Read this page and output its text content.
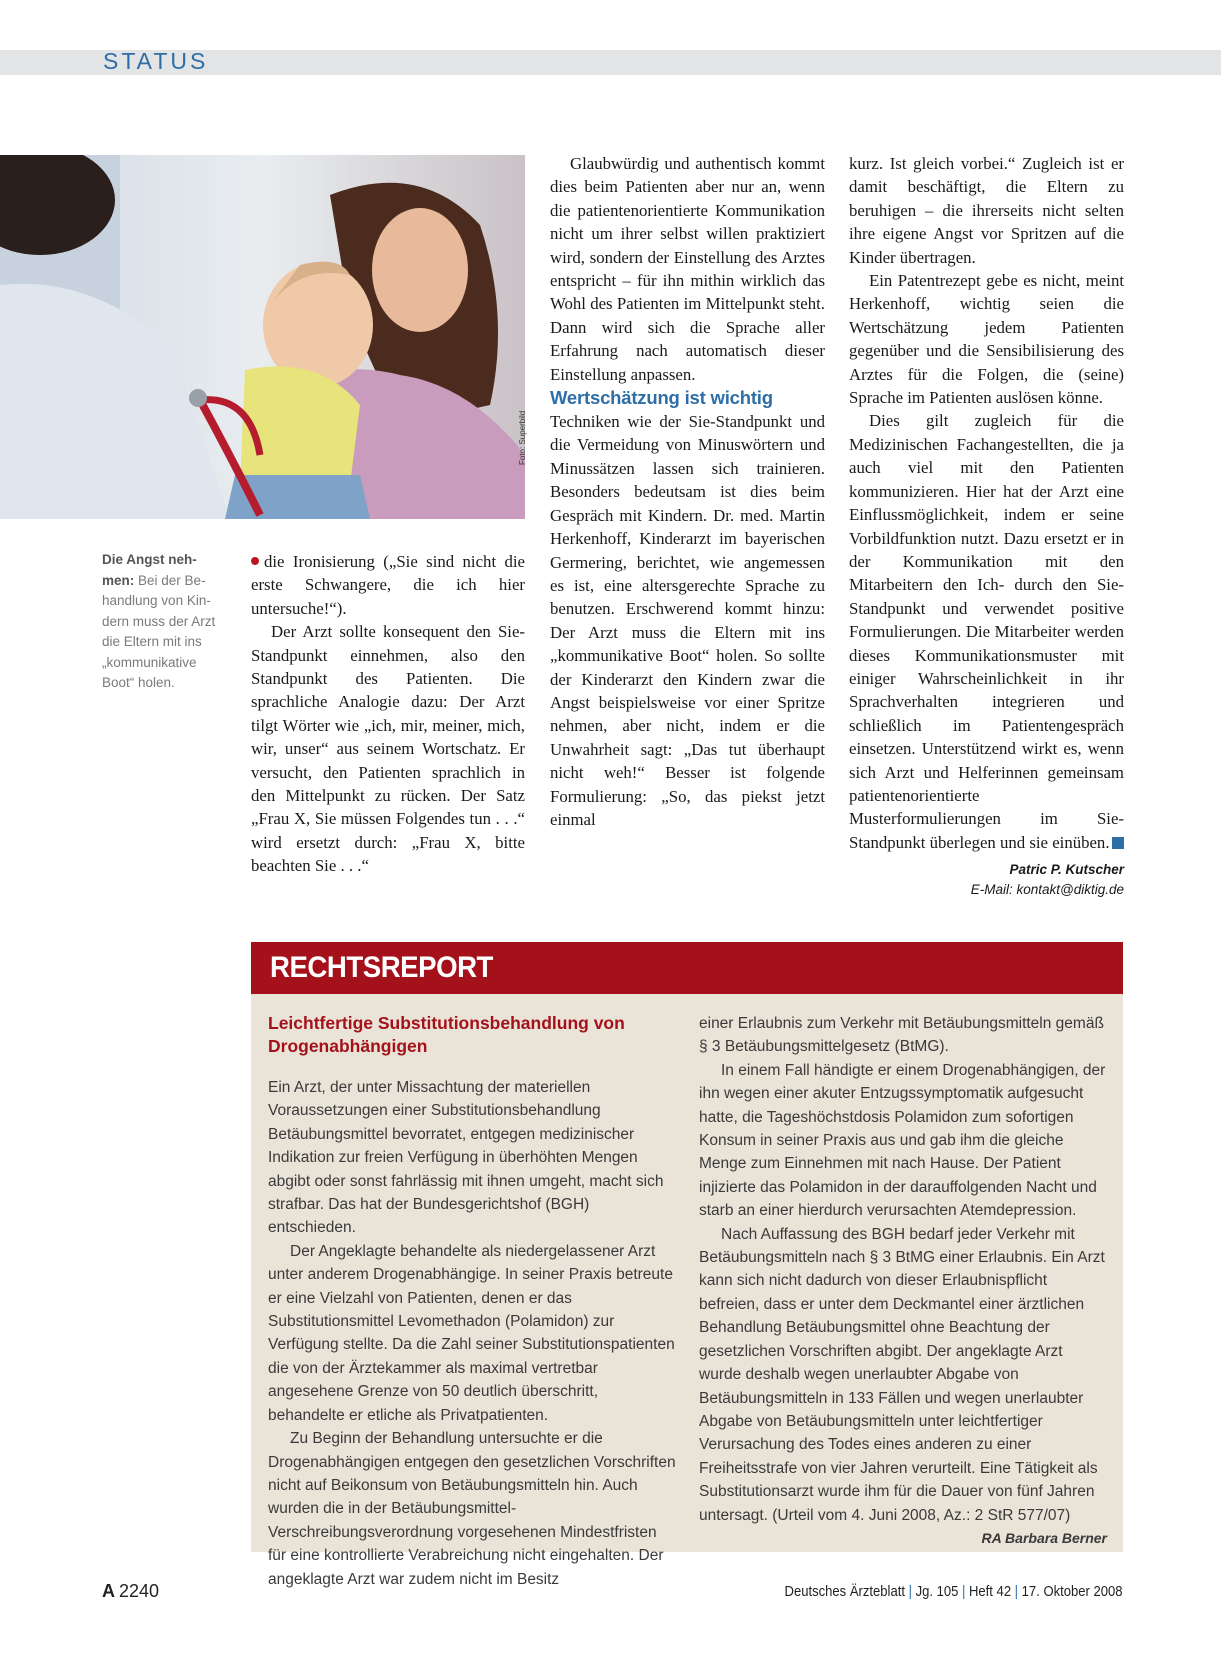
STATUS
Foto: Superbild
Die Angst neh-men: Bei der Be-handlung von Kin-dern muss der Arzt die Eltern mit ins „kommunikative Boot“ holen.

die Ironisierung („Sie sind nicht die erste Schwangere, die ich hier untersuche!“).

Der Arzt sollte konsequent den Sie-Standpunkt einnehmen, also den Standpunkt des Patienten. Die sprachliche Analogie dazu: Der Arzt tilgt Wörter wie „ich, mir, meiner, mich, wir, unser“ aus seinem Wortschatz. Er versucht, den Patienten sprachlich in den Mittelpunkt zu rücken. Der Satz „Frau X, Sie müssen Folgendes tun . . .“ wird ersetzt durch: „Frau X, bitte beachten Sie . . .“

Glaubwürdig und authentisch kommt dies beim Patienten aber nur an, wenn die patientenorientierte Kommunikation nicht um ihrer selbst willen praktiziert wird, sondern der Einstellung des Arztes entspricht – für ihn mithin wirklich das Wohl des Patienten im Mittelpunkt steht. Dann wird sich die Sprache aller Erfahrung nach automatisch dieser Einstellung anpassen.

Wertschätzung ist wichtig

Techniken wie der Sie-Standpunkt und die Vermeidung von Minuswörtern und Minussätzen lassen sich trainieren. Besonders bedeutsam ist dies beim Gespräch mit Kindern. Dr. med. Martin Herkenhoff, Kinderarzt im bayerischen Germering, berichtet, wie angemessen es ist, eine altersgerechte Sprache zu benutzen. Erschwerend kommt hinzu: Der Arzt muss die Eltern mit ins „kommunikative Boot“ holen. So sollte der Kinderarzt den Kindern zwar die Angst beispielsweise vor einer Spritze nehmen, aber nicht, indem er die Unwahrheit sagt: „Das tut überhaupt nicht weh!“ Besser ist folgende Formulierung: „So, das piekst jetzt einmal

kurz. Ist gleich vorbei.“ Zugleich ist er damit beschäftigt, die Eltern zu beruhigen – die ihrerseits nicht selten ihre eigene Angst vor Spritzen auf die Kinder übertragen.

Ein Patentrezept gebe es nicht, meint Herkenhoff, wichtig seien die Wertschätzung jedem Patienten gegenüber und die Sensibilisierung des Arztes für die Folgen, die (seine) Sprache im Patienten auslösen könne.

Dies gilt zugleich für die Medizinischen Fachangestellten, die ja auch viel mit den Patienten kommunizieren. Hier hat der Arzt eine Einflussmöglichkeit, indem er seine Vorbildfunktion nutzt. Dazu ersetzt er in der Kommunikation mit den Mitarbeitern den Ich- durch den Sie-Standpunkt und verwendet positive Formulierungen. Die Mitarbeiter werden dieses Kommunikationsmuster mit einiger Wahrscheinlichkeit in ihr Sprachverhalten integrieren und schließlich im Patientengespräch einsetzen. Unterstützend wirkt es, wenn sich Arzt und Helferinnen gemeinsam patientenorientierte Musterformulierungen im Sie-Standpunkt überlegen und sie einüben.

Patric P. Kutscher
E-Mail: kontakt@diktig.de
RECHTSREPORT

Leichtfertige Substitutionsbehandlung von Drogenabhängigen

Ein Arzt, der unter Missachtung der materiellen Voraussetzungen einer Substitutionsbehandlung Betäubungsmittel bevorratet, entgegen medizinischer Indikation zur freien Verfügung in überhöhten Mengen abgibt oder sonst fahrlässig mit ihnen umgeht, macht sich strafbar. Das hat der Bundesgerichtshof (BGH) entschieden.

Der Angeklagte behandelte als niedergelassener Arzt unter anderem Drogenabhängige. In seiner Praxis betreute er eine Vielzahl von Patienten, denen er das Substitutionsmittel Levomethadon (Polamidon) zur Verfügung stellte. Da die Zahl seiner Substitutionspatienten die von der Ärztekammer als maximal vertretbar angesehene Grenze von 50 deutlich überschritt, behandelte er etliche als Privatpatienten.

Zu Beginn der Behandlung untersuchte er die Drogenabhängigen entgegen den gesetzlichen Vorschriften nicht auf Beikonsum von Betäubungsmitteln hin. Auch wurden die in der Betäubungsmittel-Verschreibungsverordnung vorgesehenen Mindestfristen für eine kontrollierte Verabreichung nicht eingehalten. Der angeklagte Arzt war zudem nicht im Besitz

einer Erlaubnis zum Verkehr mit Betäubungsmitteln gemäß § 3 Betäubungsmittelgesetz (BtMG).

In einem Fall händigte er einem Drogenabhängigen, der ihn wegen einer akuter Entzugssymptomatik aufgesucht hatte, die Tageshöchstdosis Polamidon zum sofortigen Konsum in seiner Praxis aus und gab ihm die gleiche Menge zum Einnehmen mit nach Hause. Der Patient injizierte das Polamidon in der darauffolgenden Nacht und starb an einer hierdurch verursachten Atemdepression.

Nach Auffassung des BGH bedarf jeder Verkehr mit Betäubungsmitteln nach § 3 BtMG einer Erlaubnis. Ein Arzt kann sich nicht dadurch von dieser Erlaubnispflicht befreien, dass er unter dem Deckmantel einer ärztlichen Behandlung Betäubungsmittel ohne Beachtung der gesetzlichen Vorschriften abgibt. Der angeklagte Arzt wurde deshalb wegen unerlaubter Abgabe von Betäubungsmitteln in 133 Fällen und wegen unerlaubter Abgabe von Betäubungsmitteln unter leichtfertiger Verursachung des Todes eines anderen zu einer Freiheitsstrafe von vier Jahren verurteilt. Eine Tätigkeit als Substitutionsarzt wurde ihm für die Dauer von fünf Jahren untersagt. (Urteil vom 4. Juni 2008, Az.: 2 StR 577/07)
RA Barbara Berner

A 2240	Deutsches Ärzteblatt | Jg. 105 | Heft 42 | 17. Oktober 2008
